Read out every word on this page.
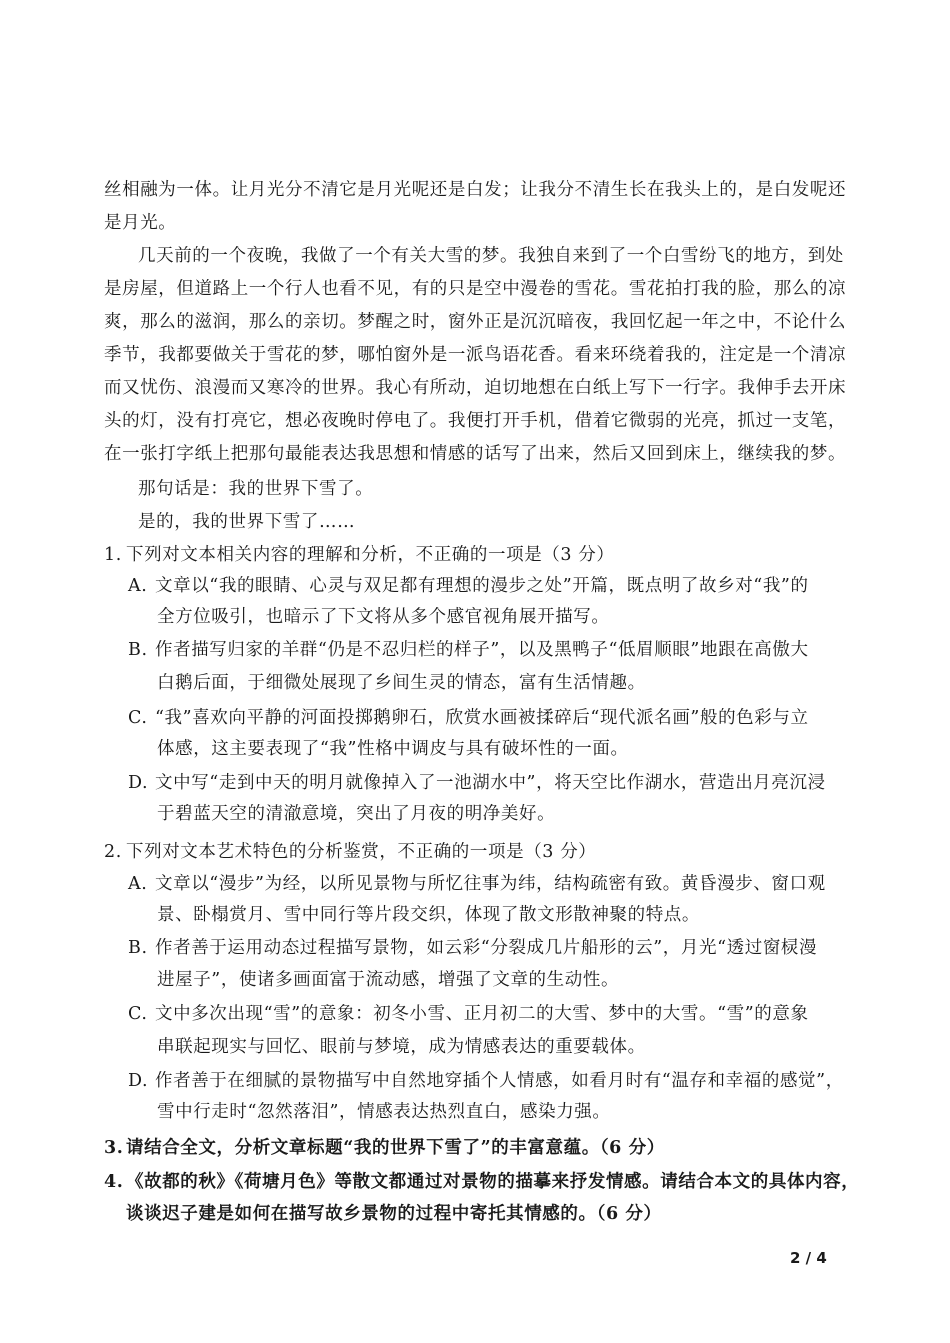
丝相融为一体。让月光分不清它是月光呢还是白发；让我分不清生长在我头上的，是白发呢还
是月光。
几天前的一个夜晚，我做了一个有关大雪的梦。我独自来到了一个白雪纷飞的地方，到处
是房屋，但道路上一个行人也看不见，有的只是空中漫卷的雪花。雪花拍打我的脸，那么的凉
爽，那么的滋润，那么的亲切。梦醒之时，窗外正是沉沉暗夜，我回忆起一年之中，不论什么
季节，我都要做关于雪花的梦，哪怕窗外是一派鸟语花香。看来环绕着我的，注定是一个清凉
而又忧伤、浪漫而又寒冷的世界。我心有所动，迫切地想在白纸上写下一行字。我伸手去开床
头的灯，没有打亮它，想必夜晚时停电了。我便打开手机，借着它微弱的光亮，抓过一支笔，
在一张打字纸上把那句最能表达我思想和情感的话写了出来，然后又回到床上，继续我的梦。
那句话是：我的世界下雪了。
是的，我的世界下雪了……
1. 下列对文本相关内容的理解和分析，不正确的一项是（3 分）
A. 文章以“我的眼睛、心灵与双足都有理想的漫步之处”开篇，既点明了故乡对“我”的
全方位吸引，也暗示了下文将从多个感官视角展开描写。
B. 作者描写归家的羊群“仍是不忍归栏的样子”，以及黑鸭子“低眉顺眼”地跟在高傲大
白鹅后面，于细微处展现了乡间生灵的情态，富有生活情趣。
C. “我”喜欢向平静的河面投掷鹅卵石，欣赏水画被揉碎后“现代派名画”般的色彩与立
体感，这主要表现了“我”性格中调皮与具有破坏性的一面。
D. 文中写“走到中天的明月就像掉入了一池湖水中”，将天空比作湖水，营造出月亮沉浸
于碧蓝天空的清澈意境，突出了月夜的明净美好。
2. 下列对文本艺术特色的分析鉴赏，不正确的一项是（3 分）
A. 文章以“漫步”为经，以所见景物与所忆往事为纬，结构疏密有致。黄昏漫步、窗口观
景、卧榻赏月、雪中同行等片段交织，体现了散文形散神聚的特点。
B. 作者善于运用动态过程描写景物，如云彩“分裂成几片船形的云”，月光“透过窗棂漫
进屋子”，使诸多画面富于流动感，增强了文章的生动性。
C. 文中多次出现“雪”的意象：初冬小雪、正月初二的大雪、梦中的大雪。“雪”的意象
串联起现实与回忆、眼前与梦境，成为情感表达的重要载体。
D. 作者善于在细腻的景物描写中自然地穿插个人情感，如看月时有“温存和幸福的感觉”，
雪中行走时“忽然落泪”，情感表达热烈直白，感染力强。
3. 请结合全文，分析文章标题“我的世界下雪了”的丰富意蕴。（6 分）
4. 《故都的秋》《荷塘月色》等散文都通过对景物的描摹来抒发情感。请结合本文的具体内容，
谈谈迟子建是如何在描写故乡景物的过程中寄托其情感的。（6 分）
2 / 4
